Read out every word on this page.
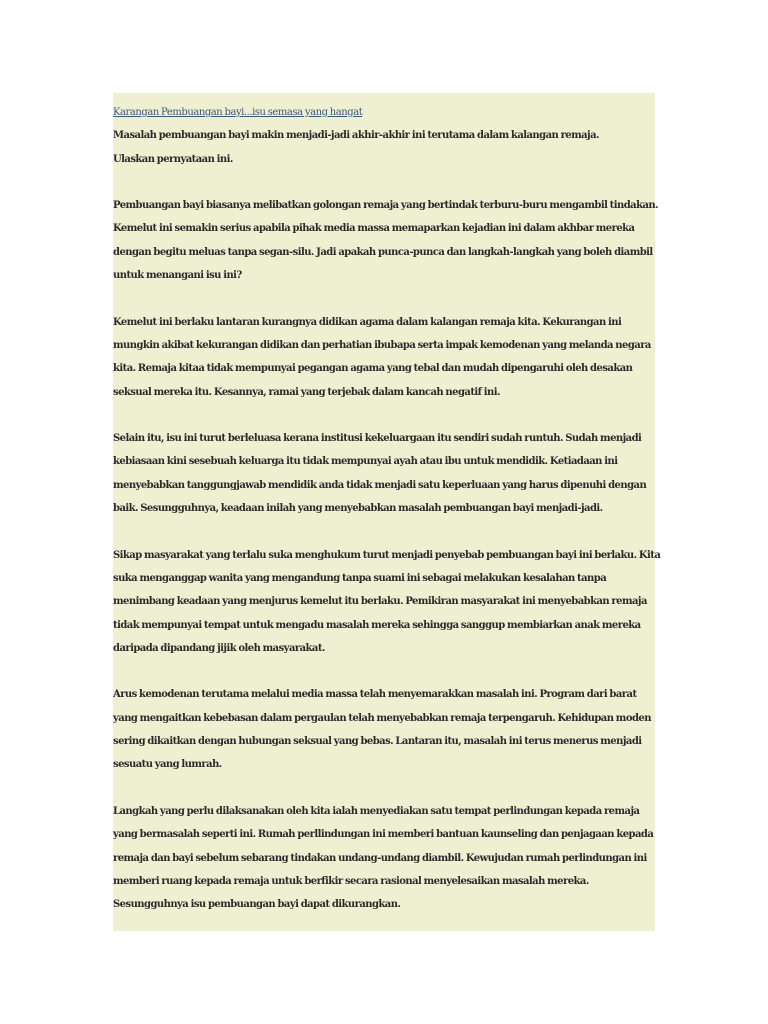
Karangan Pembuangan bayi...isu semasa yang hangat

Masalah pembuangan bayi makin menjadi-jadi akhir-akhir ini terutama dalam kalangan remaja.

Ulaskan pernyataan ini.

Pembuangan bayi biasanya melibatkan golongan remaja yang bertindak terburu-buru mengambil tindakan. Kemelut ini semakin serius apabila pihak media massa memaparkan kejadian ini dalam akhbar mereka dengan begitu meluas tanpa segan-silu. Jadi apakah punca-punca dan langkah-langkah yang boleh diambil untuk menangani isu ini?

Kemelut ini berlaku lantaran kurangnya didikan agama dalam kalangan remaja kita. Kekurangan ini mungkin akibat kekurangan didikan dan perhatian ibubapa serta impak kemodenan yang melanda negara kita. Remaja kitaa tidak mempunyai pegangan agama yang tebal dan mudah dipengaruhi oleh desakan seksual mereka itu. Kesannya, ramai yang terjebak dalam kancah negatif ini.

Selain itu, isu ini turut berleluasa kerana institusi kekeluargaan itu sendiri sudah runtuh. Sudah menjadi kebiasaan kini sesebuah keluarga itu tidak mempunyai ayah atau ibu untuk mendidik. Ketiadaan ini menyebabkan tanggungjawab mendidik anda tidak menjadi satu keperluaan yang harus dipenuhi dengan baik. Sesungguhnya, keadaan inilah yang menyebabkan masalah pembuangan bayi menjadi-jadi.

Sikap masyarakat yang terlalu suka menghukum turut menjadi penyebab pembuangan bayi ini berlaku. Kita suka menganggap wanita yang mengandung tanpa suami ini sebagai melakukan kesalahan tanpa menimbang keadaan yang menjurus kemelut itu berlaku. Pemikiran masyarakat ini menyebabkan remaja tidak mempunyai tempat untuk mengadu masalah mereka sehingga sanggup membiarkan anak mereka daripada dipandang jijik oleh masyarakat.

Arus kemodenan terutama melalui media massa telah menyemarakkan masalah ini. Program dari barat yang mengaitkan kebebasan dalam pergaulan telah menyebabkan remaja terpengaruh. Kehidupan moden sering dikaitkan dengan hubungan seksual yang bebas. Lantaran itu, masalah ini terus menerus menjadi sesuatu yang lumrah.

Langkah yang perlu dilaksanakan oleh kita ialah menyediakan satu tempat perlindungan kepada remaja yang bermasalah seperti ini. Rumah perllindungan ini memberi bantuan kaunseling dan penjagaan kepada remaja dan bayi sebelum sebarang tindakan undang-undang diambil. Kewujudan rumah perlindungan ini memberi ruang kepada remaja untuk berfikir secara rasional menyelesaikan masalah mereka. Sesungguhnya isu pembuangan bayi dapat dikurangkan.
